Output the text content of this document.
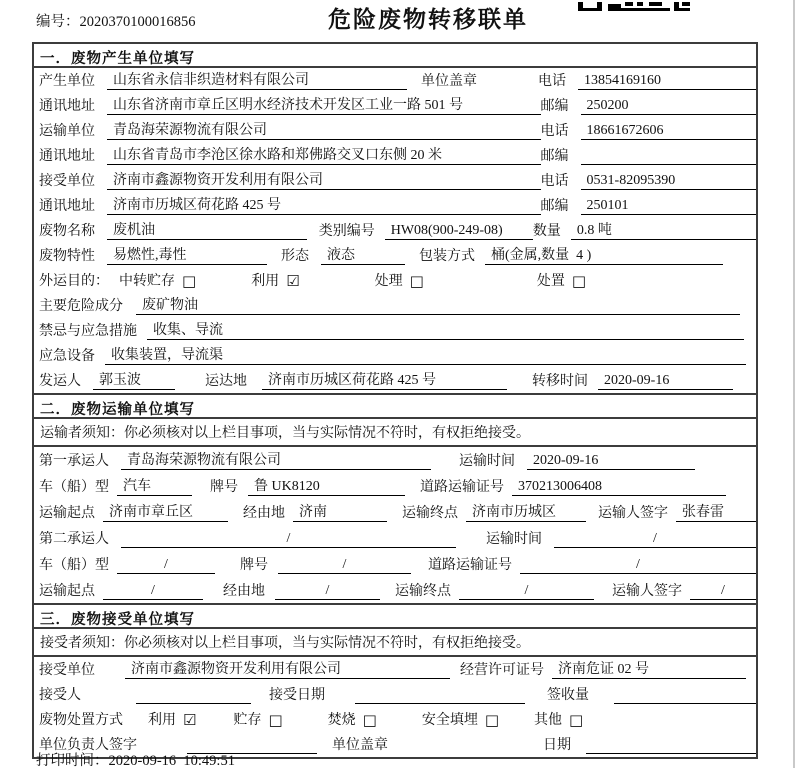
编号：2020370100016856	危险废物转移联单
一．废物产生单位填写
产生单位	山东省永信非织造材料有限公司	单位盖章	电话	13854169160
通讯地址	山东省济南市章丘区明水经济技术开发区工业一路 501 号	邮编	250200
运输单位	青岛海荣源物流有限公司	电话	18661672606
通讯地址	山东省青岛市李沧区徐水路和郑佛路交叉口东侧 20 米	邮编
接受单位	济南市鑫源物资开发利用有限公司	电话	0531-82095390
通讯地址	济南市历城区荷花路 425 号	邮编	250101
废物名称	废机油	类别编号	HW08(900-249-08)	数量	0.8 吨
废物特性	易燃性,毒性	形态	液态	包装方式	桶(金属,数量  4 )
外运目的： 中转贮存 □	利用 ☑	处理 □	处置 □
主要危险成分	废矿物油
禁忌与应急措施	收集、导流
应急设备	收集装置，导流渠
发运人	郭玉波	运达地	济南市历城区荷花路 425 号	转移时间	2020-09-16
二．废物运输单位填写
运输者须知：你必须核对以上栏目事项，当与实际情况不符时，有权拒绝接受。
第一承运人	青岛海荣源物流有限公司	运输时间	2020-09-16
车（船）型	汽车	牌号	鲁 UK8120	道路运输证号	370213006408
运输起点	济南市章丘区	经由地	济南	运输终点	济南市历城区	运输人签字	张春雷
第二承运人	/	运输时间	/
车（船）型	/	牌号	/	道路运输证号	/
运输起点	/	经由地	/	运输终点	/	运输人签字	/
三．废物接受单位填写
接受者须知：你必须核对以上栏目事项，当与实际情况不符时，有权拒绝接受。
接受单位	济南市鑫源物资开发利用有限公司	经营许可证号	济南危证 02 号
接受人	接受日期	签收量
废物处置方式 利用 ☑	贮存 □	焚烧 □	安全填埋 □	其他 □
单位负责人签字	单位盖章	日期
打印时间：2020-09-16  10:49:51
